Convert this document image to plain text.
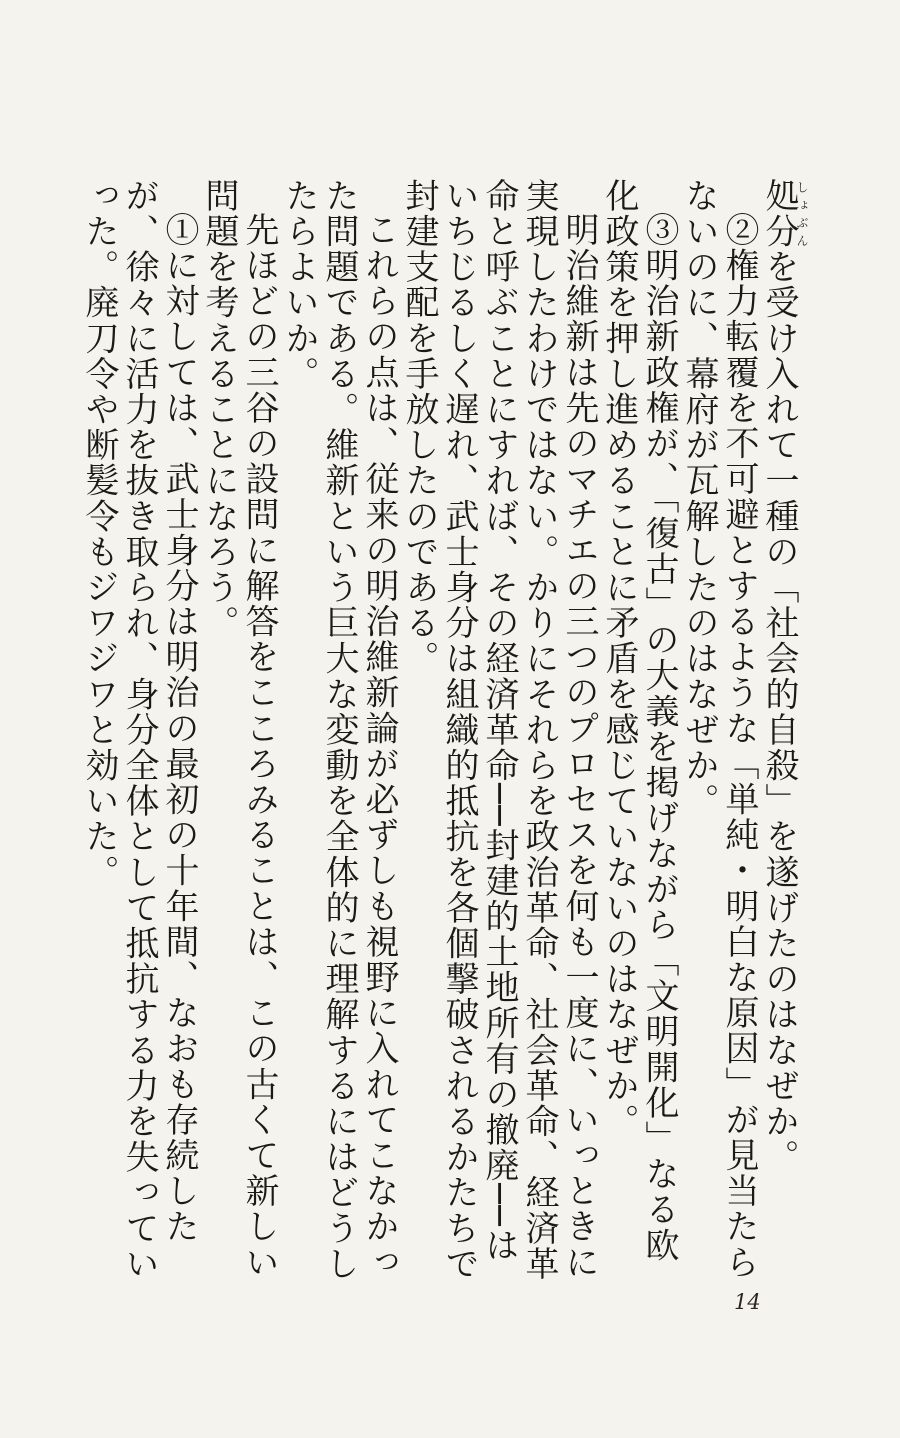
処分しょぶんを受け入れて一種の「社会的自殺」を遂げたのはなぜか。

②権力転覆を不可避とするような「単純・明白な原因」が見当たらないのに、幕府が瓦解したのはなぜか。

③明治新政権が、「復古」の大義を掲げながら「文明開化」なる欧化政策を押し進めることに矛盾を感じていないのはなぜか。

明治維新は先のマチエの三つのプロセスを何も一度に、いっときに実現したわけではない。かりにそれらを政治革命、社会革命、経済革命と呼ぶことにすれば、その経済革命──封建的土地所有の撤廃──はいちじるしく遅れ、武士身分は組織的抵抗を各個撃破されるかたちで封建支配を手放したのである。

これらの点は、従来の明治維新論が必ずしも視野に入れてこなかった問題である。維新という巨大な変動を全体的に理解するにはどうしたらよいか。

先ほどの三谷の設問に解答をこころみることは、この古くて新しい問題を考えることになろう。

①に対しては、武士身分は明治の最初の十年間、なおも存続したが、徐々に活力を抜き取られ、身分全体として抵抗する力を失っていった。廃刀令や断髪令もジワジワと効いた。

14
